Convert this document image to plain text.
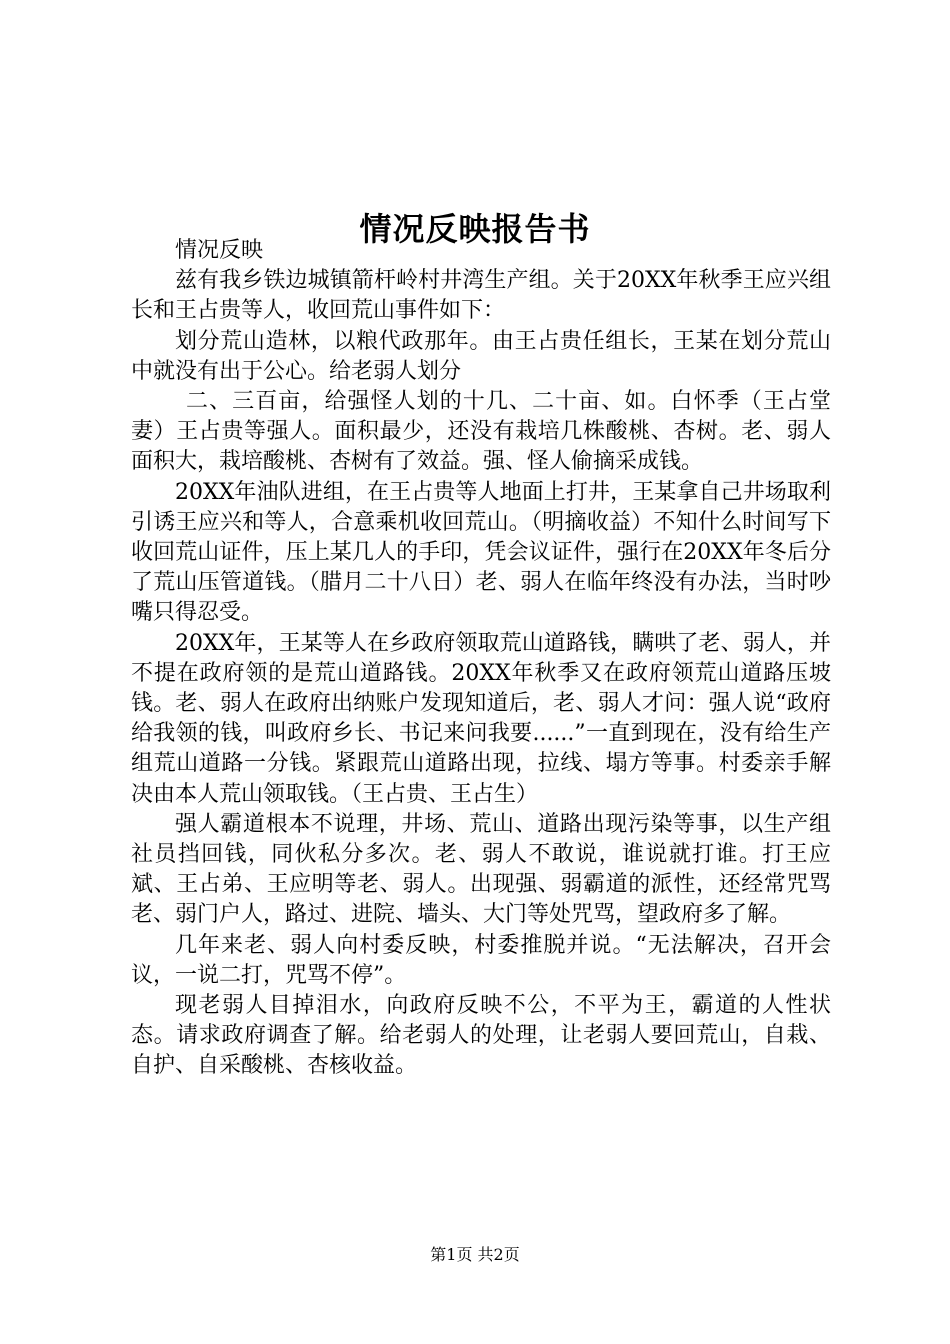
情况反映报告书

情况反映

兹有我乡铁边城镇箭杆岭村井湾生产组。关于20XX年秋季王应兴组长和王占贵等人，收回荒山事件如下：

划分荒山造林，以粮代政那年。由王占贵任组长，王某在划分荒山中就没有出于公心。给老弱人划分

二、三百亩，给强怪人划的十几、二十亩、如。白怀季（王占堂妻）王占贵等强人。面积最少，还没有栽培几株酸桃、杏树。老、弱人面积大，栽培酸桃、杏树有了效益。强、怪人偷摘采成钱。

20XX年油队进组，在王占贵等人地面上打井，王某拿自己井场取利引诱王应兴和等人，合意乘机收回荒山。（明摘收益）不知什么时间写下收回荒山证件，压上某几人的手印，凭会议证件，强行在20XX年冬后分了荒山压管道钱。（腊月二十八日）老、弱人在临年终没有办法，当时吵嘴只得忍受。

20XX年，王某等人在乡政府领取荒山道路钱，瞒哄了老、弱人，并不提在政府领的是荒山道路钱。20XX年秋季又在政府领荒山道路压坡钱。老、弱人在政府出纳账户发现知道后，老、弱人才问：强人说“政府给我领的钱，叫政府乡长、书记来问我要......”一直到现在，没有给生产组荒山道路一分钱。紧跟荒山道路出现，拉线、塌方等事。村委亲手解决由本人荒山领取钱。（王占贵、王占生）

强人霸道根本不说理，井场、荒山、道路出现污染等事，以生产组社员挡回钱，同伙私分多次。老、弱人不敢说，谁说就打谁。打王应斌、王占弟、王应明等老、弱人。出现强、弱霸道的派性，还经常咒骂老、弱门户人，路过、进院、墙头、大门等处咒骂，望政府多了解。

几年来老、弱人向村委反映，村委推脱并说。“无法解决，召开会议，一说二打，咒骂不停”。

现老弱人目掉泪水，向政府反映不公，不平为王，霸道的人性状态。请求政府调查了解。给老弱人的处理，让老弱人要回荒山，自栽、自护、自采酸桃、杏核收益。

第1页 共2页
